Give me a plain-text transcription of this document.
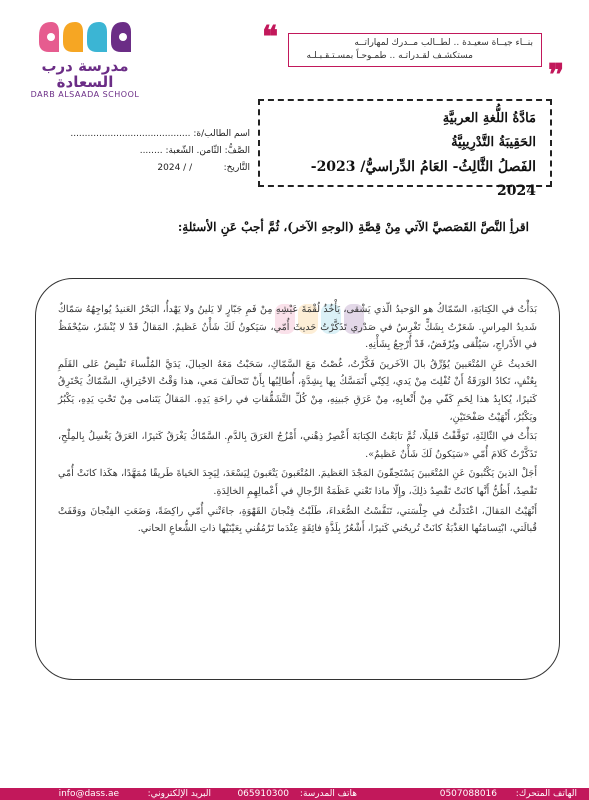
مدرسة درب السعادة
DARB ALSAADA SCHOOL
❝	بنــاء جيــاة سعيـدة .. لطــالب مــدرك لمهاراتــه
مستكشـف لقـدراتـه .. طمـوحـاً بمسـتـقـبـلـه
❞
مَادَّةُ اللُّغةِ العربيَّةِ
الحَقِيبَةُ التَّدْرِيبِيَّةُ
الفَصلُ الثَّالِثُ- العَامُ الدِّراسيُّ/ 2023-2024
اسم الطالب/ة: ..........................................
الصَّفُّ: الثّامن. الشّعبة: ........
التَّاريخ:           / / 2024
اقرأِ النَّصَّ القَصَصيَّ الآتي مِنْ قِصَّةِ (الوجهِ الآخر)، ثُمَّ أجبْ عَنِ الأسئلةِ:

بَدَأْتُ في الكِتابَةِ، السّمّاكُ هو الوَحيدُ الّذي يَشْقى، يَأْخُذُ لُقْمَةَ عَيْشِهِ مِنْ فَمِ جَبّارٍ لا يَلينُ ولا يَهْدأُ، البَحْرُ العَنيدُ يُواجِهُهُ سَمّاكٌ شَديدُ المِراسِ. شَعَرْتُ بِشَكٍّ تَغْرِسُ في صَدْري تَذَكَّرْتُ حَديثَ أُمّي، سَيَكونُ لَكَ شَأْنٌ عَظيمٌ. المَقالُ قَدْ لا يُنْشَرُ، سَيُحْفَظُ في الأَدْراجِ، سَيُلْقى ويُرْفَضُ، قَدْ أُرْجِعُ بِشَأْنِهِ.

الحَديثُ عَنِ المُتْعَبينَ يُؤَرِّقُ بالَ الآخَرينَ فَكَّرْتُ، غُصْتُ مَعَ السَّمّاكِ، سَحَبْتُ مَعَهُ الحِبالَ، يَدَيَّ المُلْساءَ تَقْبِضُ عَلى القَلَمِ بِعُنْفٍ، تَكادُ الوَرَقَةُ أَنْ تُفْلِتَ مِنْ يَدي، لِكِنّي أَتَمَسَّكُ بِها بِشِدَّةٍ، أُطالِبُها بِأَنْ تَتَحالَفَ مَعي، هذا وَقْتُ الاحْتِراقِ، السَّمّاكُ يَحْتَرِقُ كَثيرًا، يُكابِدُ هذا لِحَمِ كَفّي مِنْ أَتْعابِهِ، مِنْ عَرَقِ جَبينِهِ، مِنْ كُلِّ التَّشَقُّقاتِ في راحَةِ يَدِهِ. المَقالُ يَتَنامى مِنْ تَحْتِ يَدِهِ، يَكْبُرُ ويَكْبُرُ، أَنْهَيْتُ صَفْحَتَيْنِ،

بَدَأْتُ في الثّالِثَةِ، تَوَقَّفْتُ قَليلًا، ثُمَّ تابَعْتُ الكِتابَةَ أَعْصِرُ ذِهْني، أَمْزُجُ العَرَقَ بِالدَّمِ. السَّمّاكُ يَغْرَقُ كَثيرًا، العَرَقُ يَغْسِلُ بِالمِلْحِ، تَذَكَّرْتُ كَلامَ أُمّي «سَيَكونُ لَكَ شَأْنٌ عَظيمٌ».

أَجَلْ الذينَ يَكْتُبونَ عَنِ المُتْعَبينَ يَسْتَحِقّونَ المَجْدَ العَظيمَ. المُتْعَبونَ يَتْعَبونَ لِيَسْعَدَ، لِيَجِدَ الحَياةَ طَريقًا مُمَهَّدًا، هكَذا كانَتْ أُمّي تَقْصِدُ، أَظُنُّ أَنَّها كانَتْ تَقْصِدُ ذلِكَ، وإِلّا ماذا تَعْني عَظَمَةُ الرِّجالِ في أَعْمالِهِمِ الخالِدَةِ.

أَنْهَيْتُ المَقالَ، اعْتَدَلْتُ في جِلْسَتي، تَنَفَّسْتُ الصُّعَداءَ، طَلَبْتُ فِنْجانَ القَهْوَةِ، جاءَتْني أُمّي راكِضَةً، وَضَعَتِ الفِنْجانَ ووَقَفَتْ قُبالَتي، ابْتِسامَتُها العَذْبَةُ كانَتْ تُريحُني كَثيرًا، أَشْعُرُ بِلَذَّةٍ فائِقَةٍ عِنْدَما تَرْمُقُني بِعَيْنَيْها ذاتِ الشُّعاعِ الحاني.

الهاتف المتحرك:
0507088016
هاتف المدرسة:
065910300
البريد الإلكتروني:
info@dass.ae
